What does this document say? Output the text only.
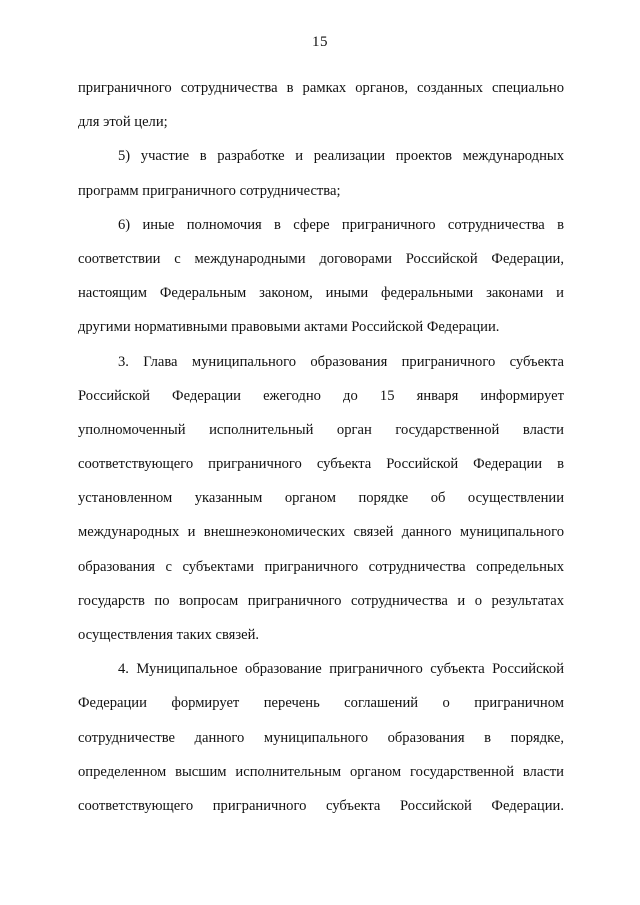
15
приграничного сотрудничества в рамках органов, созданных специально
для этой цели;
5) участие в разработке и реализации проектов международных
программ приграничного сотрудничества;
6) иные полномочия в сфере приграничного сотрудничества в
соответствии с международными договорами Российской Федерации,
настоящим Федеральным законом, иными федеральными законами и
другими нормативными правовыми актами Российской Федерации.
3. Глава муниципального образования приграничного субъекта
Российской Федерации ежегодно до 15 января информирует
уполномоченный исполнительный орган государственной власти
соответствующего приграничного субъекта Российской Федерации в
установленном указанным органом порядке об осуществлении
международных и внешнеэкономических связей данного муниципального
образования с субъектами приграничного сотрудничества сопредельных
государств по вопросам приграничного сотрудничества и о результатах
осуществления таких связей.
4. Муниципальное образование приграничного субъекта Российской
Федерации формирует перечень соглашений о приграничном
сотрудничестве данного муниципального образования в порядке,
определенном высшим исполнительным органом государственной власти
соответствующего приграничного субъекта Российской Федерации.
